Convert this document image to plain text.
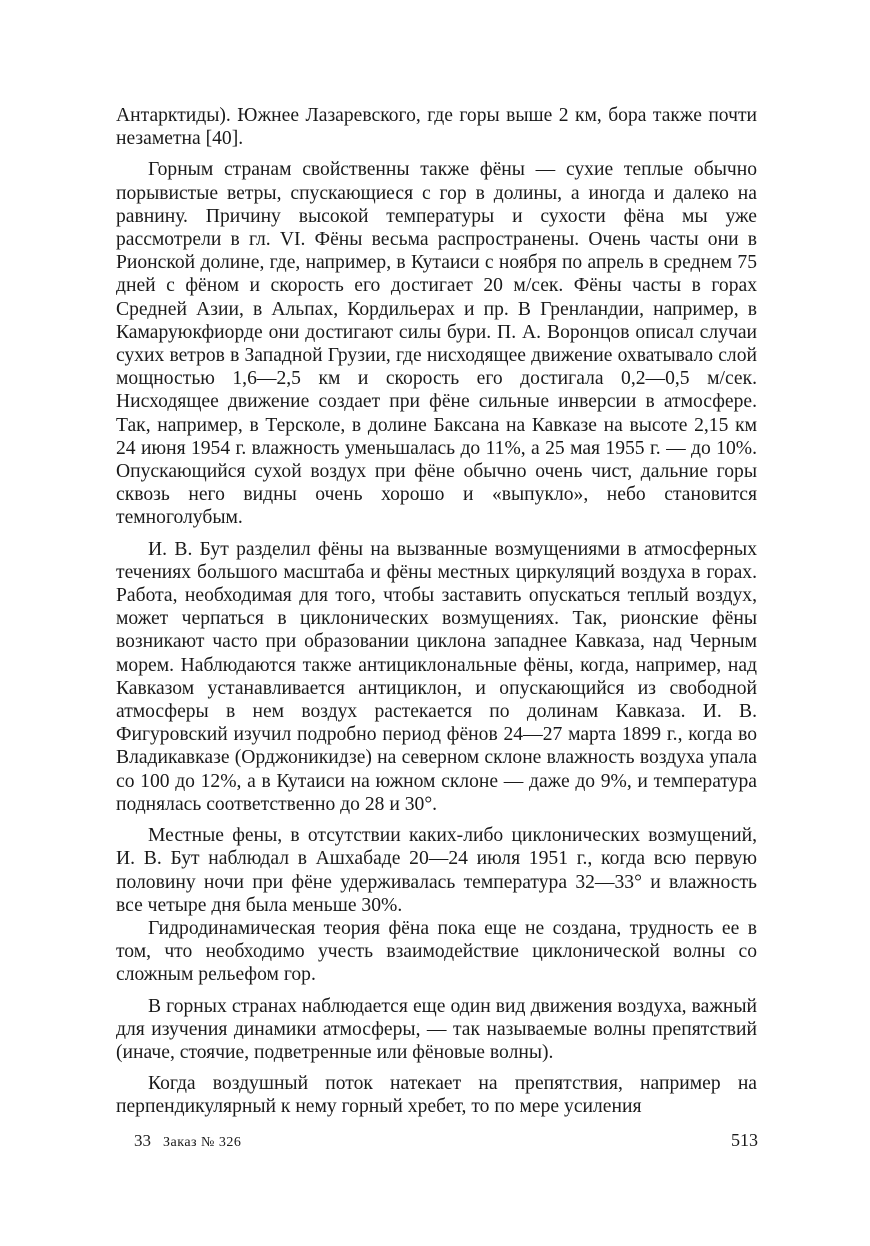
Антарктиды). Южнее Лазаревского, где горы выше 2 км, бора также почти незаметна [40].

Горным странам свойственны также фёны — сухие теплые обычно порывистые ветры, спускающиеся с гор в долины, а иногда и далеко на равнину. Причину высокой температуры и сухости фёна мы уже рассмотрели в гл. VI. Фёны весьма распространены. Очень часты они в Рионской долине, где, например, в Кутаиси с ноября по апрель в среднем 75 дней с фёном и скорость его достигает 20 м/сек. Фёны часты в горах Средней Азии, в Альпах, Кордильерах и пр. В Гренландии, например, в Камаруюкфиорде они достигают силы бури. П. А. Воронцов описал случаи сухих ветров в Западной Грузии, где нисходящее движение охватывало слой мощностью 1,6—2,5 км и скорость его достигала 0,2—0,5 м/сек. Нисходящее движение создает при фёне сильные инверсии в атмосфере. Так, например, в Терсколе, в долине Баксана на Кавказе на высоте 2,15 км 24 июня 1954 г. влажность уменьшалась до 11%, а 25 мая 1955 г. — до 10%. Опускающийся сухой воздух при фёне обычно очень чист, дальние горы сквозь него видны очень хорошо и «выпукло», небо становится темноголубым.

И. В. Бут разделил фёны на вызванные возмущениями в атмосферных течениях большого масштаба и фёны местных циркуляций воздуха в горах. Работа, необходимая для того, чтобы заставить опускаться теплый воздух, может черпаться в циклонических возмущениях. Так, рионские фёны возникают часто при образовании циклона западнее Кавказа, над Черным морем. Наблюдаются также антициклональные фёны, когда, например, над Кавказом устанавливается антициклон, и опускающийся из свободной атмосферы в нем воздух растекается по долинам Кавказа. И. В. Фигуровский изучил подробно период фёнов 24—27 марта 1899 г., когда во Владикавказе (Орджоникидзе) на северном склоне влажность воздуха упала со 100 до 12%, а в Кутаиси на южном склоне — даже до 9%, и температура поднялась соответственно до 28 и 30°.

Местные фены, в отсутствии каких-либо циклонических возмущений, И. В. Бут наблюдал в Ашхабаде 20—24 июля 1951 г., когда всю первую половину ночи при фёне удерживалась температура 32—33° и влажность все четыре дня была меньше 30%.

Гидродинамическая теория фёна пока еще не создана, трудность ее в том, что необходимо учесть взаимодействие циклонической волны со сложным рельефом гор.

В горных странах наблюдается еще один вид движения воздуха, важный для изучения динамики атмосферы, — так называемые волны препятствий (иначе, стоячие, подветренные или фёновые волны).

Когда воздушный поток натекает на препятствия, например на перпендикулярный к нему горный хребет, то по мере усиления

33 Заказ № 326	513
